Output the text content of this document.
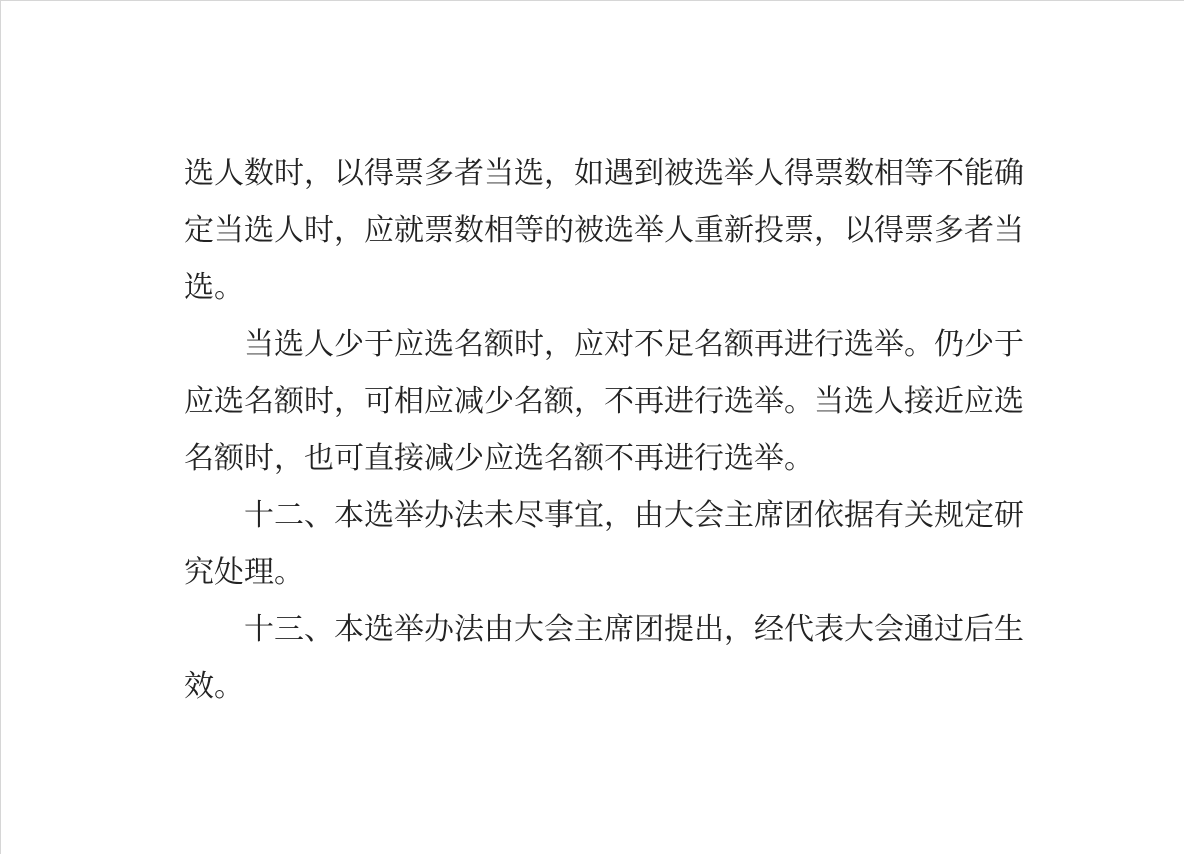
选人数时，以得票多者当选，如遇到被选举人得票数相等不能确
定当选人时，应就票数相等的被选举人重新投票，以得票多者当
选。
当选人少于应选名额时，应对不足名额再进行选举。仍少于
应选名额时，可相应减少名额，不再进行选举。当选人接近应选
名额时，也可直接减少应选名额不再进行选举。
十二、本选举办法未尽事宜，由大会主席团依据有关规定研
究处理。
十三、本选举办法由大会主席团提出，经代表大会通过后生
效。
